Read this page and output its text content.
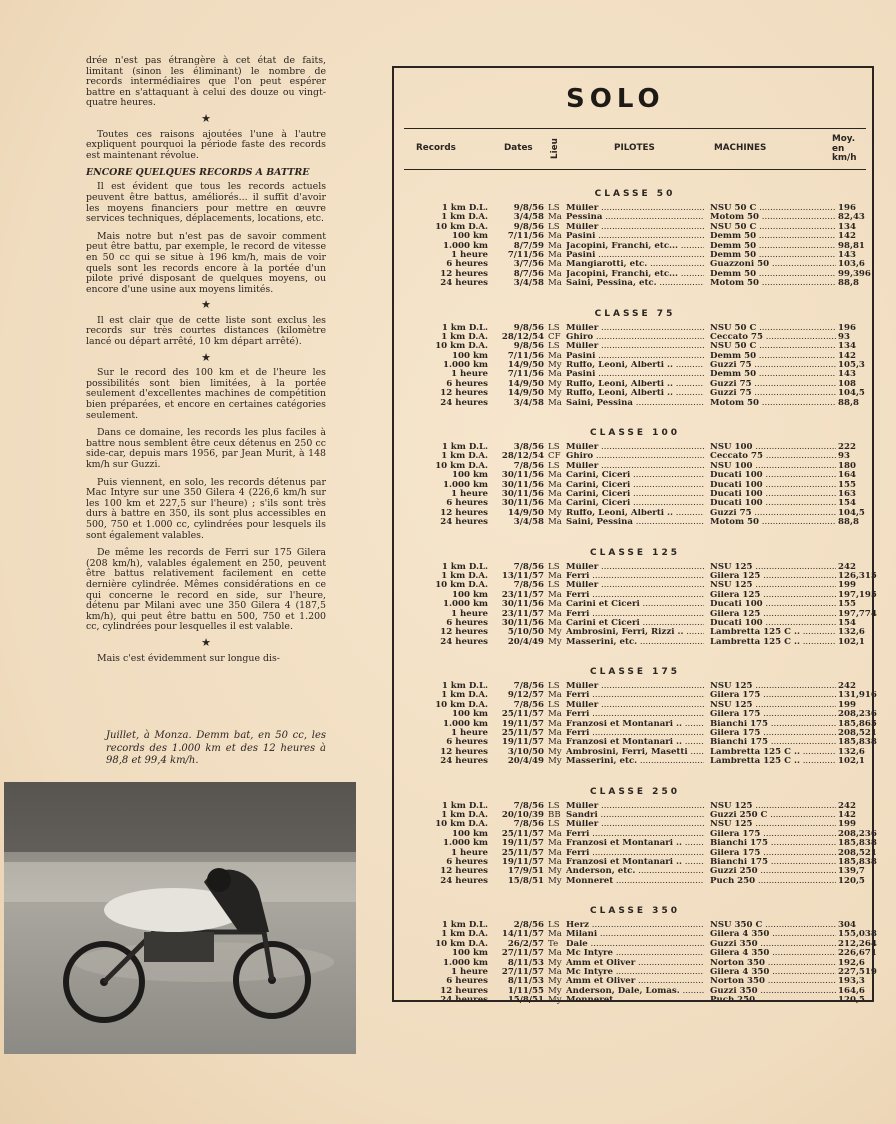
drée n'est pas étrangère à cet état de faits, limitant (sinon les éliminant) le nombre de records intermédiaires que l'on peut espérer battre en s'attaquant à celui des douze ou vingt-quatre heures.

★

Toutes ces raisons ajoutées l'une à l'autre expliquent pourquoi la période faste des records est maintenant révolue.

ENCORE QUELQUES RECORDS A BATTRE

Il est évident que tous les records actuels peuvent être battus, améliorés... il suffit d'avoir les moyens financiers pour mettre en œuvre services techniques, déplacements, locations, etc.

Mais notre but n'est pas de savoir comment peut être battu, par exemple, le record de vitesse en 50 cc qui se situe à 196 km/h, mais de voir quels sont les records encore à la portée d'un pilote privé disposant de quelques moyens, ou encore d'une usine aux moyens limités.

★

Il est clair que de cette liste sont exclus les records sur très courtes distances (kilomètre lancé ou départ arrêté, 10 km départ arrêté).

★

Sur le record des 100 km et de l'heure les possibilités sont bien limitées, à la portée seulement d'excellentes machines de compétition bien préparées, et encore en certaines catégories seulement.

Dans ce domaine, les records les plus faciles à battre nous semblent être ceux détenus en 250 cc side-car, depuis mars 1956, par Jean Murit, à 148 km/h sur Guzzi.

Puis viennent, en solo, les records détenus par Mac Intyre sur une 350 Gilera 4 (226,6 km/h sur les 100 km et 227,5 sur l'heure) ; s'ils sont très durs à battre en 350, ils sont plus accessibles en 500, 750 et 1.000 cc, cylindrées pour lesquels ils sont également valables.

De même les records de Ferri sur 175 Gilera (208 km/h), valables également en 250, peuvent être battus relativement facilement en cette dernière cylindrée. Mêmes considérations en ce qui concerne le record en side, sur l'heure, détenu par Milani avec une 350 Gilera 4 (187,5 km/h), qui peut être battu en 500, 750 et 1.200 cc, cylindrées pour lesquelles il est valable.

★

Mais c'est évidemment sur longue dis-

Juillet, à Monza. Demm bat, en 50 cc, les records des 1.000 km et des 12 heures à 98,8 et 99,4 km/h.
SOLO
Records	Dates Lieu	PILOTES	MACHINES
Moy. en km/h
CLASSE 50
1 km D.L.	9/8/56 LS Müller .....	NSU 50 C .....	196
1 km D.A.	3/4/58 Ma Pessina .....	Motom 50 .....	82,43
10 km D.A.	9/8/56 LS Müller .....	NSU 50 C .....	134
100 km	7/11/56 Ma Pasini .....	Demm 50 .....	142
1.000 km	8/7/59 Ma Jacopini, Franchi, etc... .....	Demm 50 .....	98,81
1 heure	7/11/56 Ma Pasini .....	Demm 50 .....	143
6 heures	3/7/56 Ma Mangiarotti, etc. .....	Guazzoni 50 .....	103,6
12 heures	8/7/56 Ma Jacopini, Franchi, etc... .....	Demm 50 .....	99,396
24 heures	3/4/58 Ma Saini, Pessina, etc. .....	Motom 50 .....	88,8
CLASSE 75
1 km D.L.	9/8/56 LS Müller .....	NSU 50 C .....	196
1 km D.A.	28/12/54 CF Ghiro .....	Ceccato 75 .....	93
10 km D.A.	9/8/56 LS Müller .....	NSU 50 C .....	134
100 km	7/11/56 Ma Pasini .....	Demm 50 .....	142
1.000 km	14/9/50 My Ruffo, Leoni, Alberti .. .....	Guzzi 75 .....	105,3
1 heure	7/11/56 Ma Pasini .....	Demm 50 .....	143
6 heures	14/9/50 My Ruffo, Leoni, Alberti .. .....	Guzzi 75 .....	108
12 heures	14/9/50 My Ruffo, Leoni, Alberti .. .....	Guzzi 75 .....	104,5
24 heures	3/4/58 Ma Saini, Pessina .....	Motom 50 .....	88,8
CLASSE 100
1 km D.L.	3/8/56 LS Müller .....	NSU 100 .....	222
1 km D.A.	28/12/54 CF Ghiro .....	Ceccato 75 .....	93
10 km D.A.	7/8/56 LS Müller .....	NSU 100 .....	180
100 km	30/11/56 Ma Carini, Ciceri .....	Ducati 100 .....	164
1.000 km	30/11/56 Ma Carini, Ciceri .....	Ducati 100 .....	155
1 heure	30/11/56 Ma Carini, Ciceri .....	Ducati 100 .....	163
6 heures	30/11/56 Ma Carini, Ciceri .....	Ducati 100 .....	154
12 heures	14/9/50 My Ruffo, Leoni, Alberti .. .....	Guzzi 75 .....	104,5
24 heures	3/4/58 Ma Saini, Pessina .....	Motom 50 .....	88,8
CLASSE 125
1 km D.L.	7/8/56 LS Müller .....	NSU 125 .....	242
1 km D.A.	13/11/57 Ma Ferri .....	Gilera 125 .....	126,315
10 km D.A.	7/8/56 LS Müller .....	NSU 125 .....	199
100 km	23/11/57 Ma Ferri .....	Gilera 125 .....	197,195
1.000 km	30/11/56 Ma Carini et Ciceri .....	Ducati 100 .....	155
1 heure	23/11/57 Ma Ferri .....	Gilera 125 .....	197,774
6 heures	30/11/56 Ma Carini et Ciceri .....	Ducati 100 .....	154
12 heures	5/10/50 My Ambrosini, Ferri, Rizzi .. .....	Lambretta 125 C .. .....	132,6
24 heures	20/4/49 My Masserini, etc. .....	Lambretta 125 C .. .....	102,1
CLASSE 175
1 km D.L.	7/8/56 LS Müller .....	NSU 125 .....	242
1 km D.A.	9/12/57 Ma Ferri .....	Gilera 175 .....	131,916
10 km D.A.	7/8/56 LS Müller .....	NSU 125 .....	199
100 km	25/11/57 Ma Ferri .....	Gilera 175 .....	208,236
1.000 km	19/11/57 Ma Franzosi et Montanari .. .....	Bianchi 175 .....	185,865
1 heure	25/11/57 Ma Ferri .....	Gilera 175 .....	208,521
6 heures	19/11/57 Ma Franzosi et Montanari .. .....	Bianchi 175 .....	185,838
12 heures	3/10/50 My Ambrosini, Ferri, Masetti .....	Lambretta 125 C .. .....	132,6
24 heures	20/4/49 My Masserini, etc. .....	Lambretta 125 C .. .....	102,1
CLASSE 250
1 km D.L.	7/8/56 LS Müller .....	NSU 125 .....	242
1 km D.A.	20/10/39 BB Sandri .....	Guzzi 250 C .....	142
10 km D.A.	7/8/56 LS Müller .....	NSU 125 .....	199
100 km	25/11/57 Ma Ferri .....	Gilera 175 .....	208,236
1.000 km	19/11/57 Ma Franzosi et Montanari .. .....	Bianchi 175 .....	185,838
1 heure	25/11/57 Ma Ferri .....	Gilera 175 .....	208,521
6 heures	19/11/57 Ma Franzosi et Montanari .. .....	Bianchi 175 .....	185,838
12 heures	17/9/51 My Anderson, etc. .....	Guzzi 250 .....	139,7
24 heures	15/8/51 My Monneret .....	Puch 250 .....	120,5
CLASSE 350
1 km D.L.	2/8/56 LS Herz .....	NSU 350 C .....	304
1 km D.A.	14/11/57 Ma Milani .....	Gilera 4 350 .....	155,038
10 km D.A.	26/2/57 Te Dale .....	Guzzi 350 .....	212,264
100 km	27/11/57 Ma Mc Intyre .....	Gilera 4 350 .....	226,671
1.000 km	8/11/53 My Amm et Oliver .....	Norton 350 .....	192,6
1 heure	27/11/57 Ma Mc Intyre .....	Gilera 4 350 .....	227,519
6 heures	8/11/53 My Amm et Oliver .....	Norton 350 .....	193,3
12 heures	1/11/55 My Anderson, Dale, Lomas. .....	Guzzi 350 .....	164,6
24 heures	15/8/51 My Monneret .....	Puch 250 .....	120,5
